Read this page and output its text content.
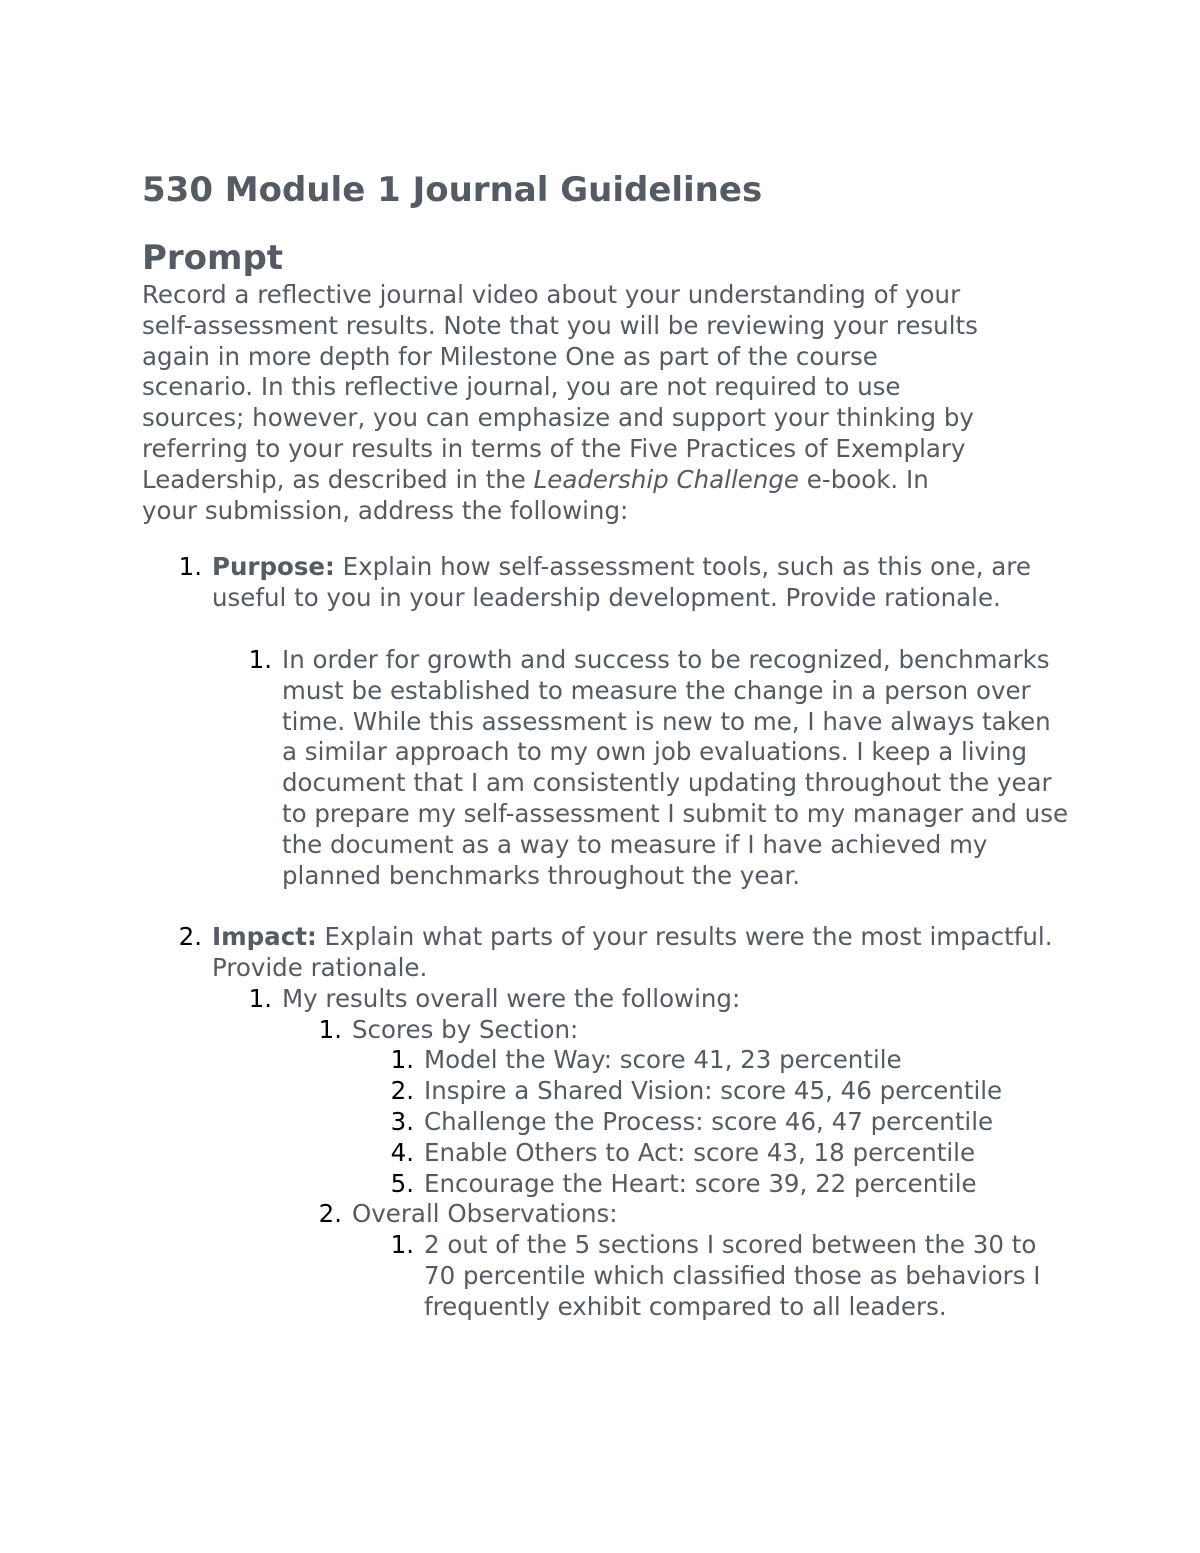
530 Module 1 Journal Guidelines
Prompt
Record a reflective journal video about your understanding of your
self-assessment results. Note that you will be reviewing your results
again in more depth for Milestone One as part of the course
scenario. In this reflective journal, you are not required to use
sources; however, you can emphasize and support your thinking by
referring to your results in terms of the Five Practices of Exemplary
Leadership, as described in the Leadership Challenge e-book. In
your submission, address the following:
1. Purpose: Explain how self-assessment tools, such as this one, are useful to you in your leadership development. Provide rationale.
1. In order for growth and success to be recognized, benchmarks must be established to measure the change in a person over time. While this assessment is new to me, I have always taken a similar approach to my own job evaluations. I keep a living document that I am consistently updating throughout the year to prepare my self-assessment I submit to my manager and use the document as a way to measure if I have achieved my planned benchmarks throughout the year.
2. Impact: Explain what parts of your results were the most impactful. Provide rationale.
1. My results overall were the following:
1. Scores by Section:
1. Model the Way: score 41, 23 percentile
2. Inspire a Shared Vision: score 45, 46 percentile
3. Challenge the Process: score 46, 47 percentile
4. Enable Others to Act: score 43, 18 percentile
5. Encourage the Heart: score 39, 22 percentile
2. Overall Observations:
1. 2 out of the 5 sections I scored between the 30 to 70 percentile which classified those as behaviors I frequently exhibit compared to all leaders.
